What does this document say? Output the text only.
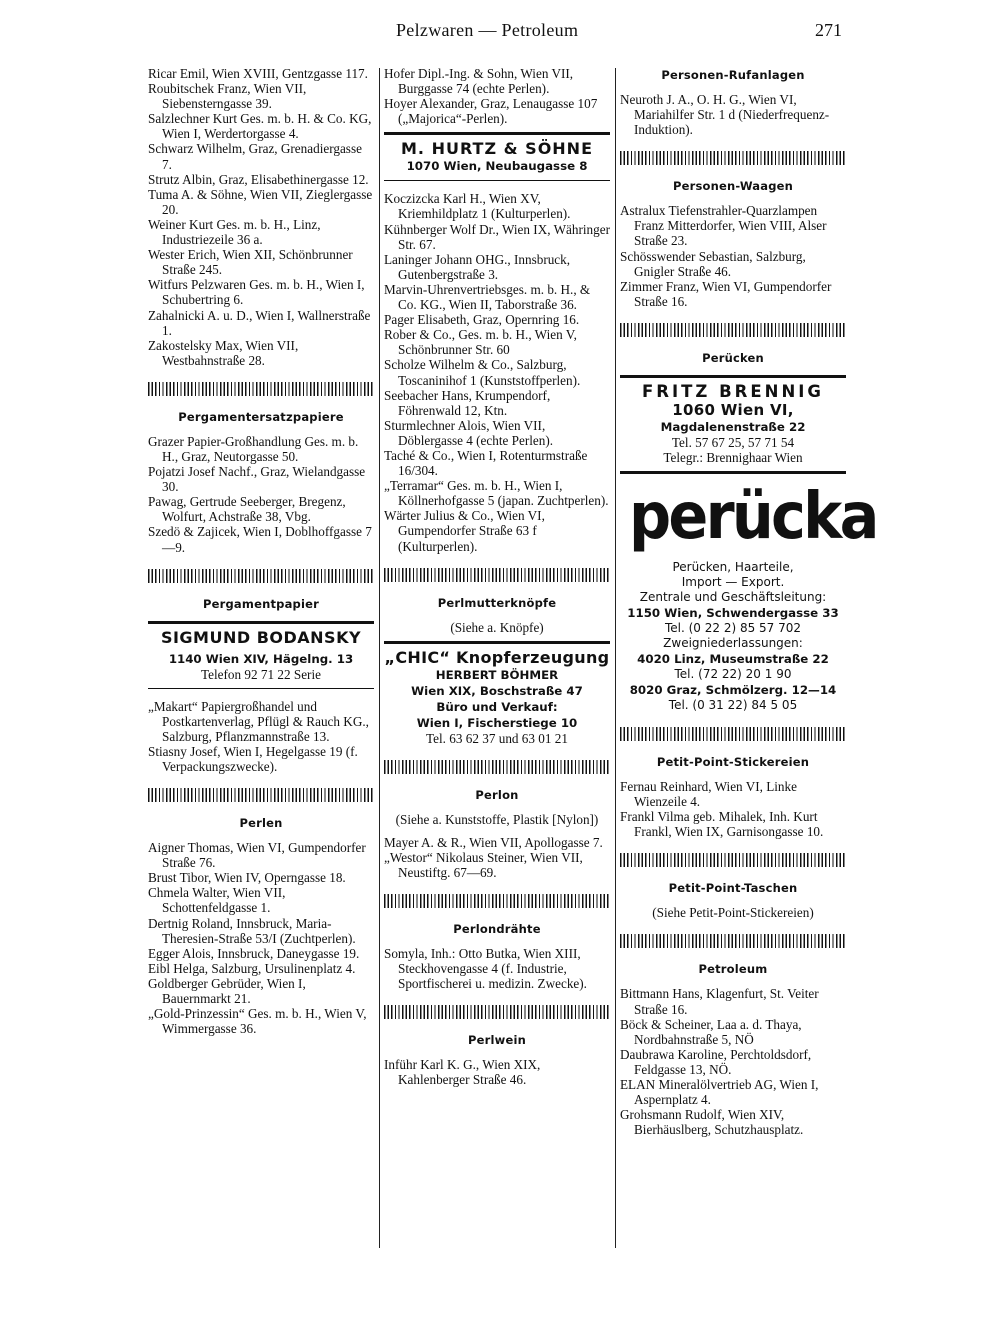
Pelzwaren — Petroleum	271

Ricar Emil, Wien XVIII, Gentzgasse 117.

Roubitschek Franz, Wien VII, Siebensterngasse 39.

Salzlechner Kurt Ges. m. b. H. & Co. KG, Wien I, Werdertorgasse 4.

Schwarz Wilhelm, Graz, Grenadiergasse 7.

Strutz Albin, Graz, Elisabethinergasse 12.

Tuma A. & Söhne, Wien VII, Zieglergasse 20.

Weiner Kurt Ges. m. b. H., Linz, Industriezeile 36 a.

Wester Erich, Wien XII, Schönbrunner Straße 245.

Witfurs Pelzwaren Ges. m. b. H., Wien I, Schubertring 6.

Zahalnicki A. u. D., Wien I, Wallnerstraße 1.

Zakostelsky Max, Wien VII, Westbahnstraße 28.

Pergamentersatzpapiere

Grazer Papier-Großhandlung Ges. m. b. H., Graz, Neutorgasse 50.

Pojatzi Josef Nachf., Graz, Wielandgasse 30.

Pawag, Gertrude Seeberger, Bregenz, Wolfurt, Achstraße 38, Vbg.

Szedö & Zajicek, Wien I, Doblhoffgasse 7—9.

Pergamentpapier

SIGMUND BODANSKY

1140 Wien XIV, Hägelng. 13

Telefon 92 71 22 Serie

„Makart“ Papiergroßhandel und Postkartenverlag, Pflügl & Rauch KG., Salzburg, Pflanzmannstraße 13.

Stiasny Josef, Wien I, Hegelgasse 19 (f. Verpackungszwecke).

Perlen

Aigner Thomas, Wien VI, Gumpendorfer Straße 76.

Brust Tibor, Wien IV, Operngasse 18.

Chmela Walter, Wien VII, Schottenfeldgasse 1.

Dertnig Roland, Innsbruck, Maria-Theresien-Straße 53/I (Zuchtperlen).

Egger Alois, Innsbruck, Daneygasse 19.

Eibl Helga, Salzburg, Ursulinenplatz 4.

Goldberger Gebrüder, Wien I, Bauernmarkt 21.

„Gold-Prinzessin“ Ges. m. b. H., Wien V, Wimmergasse 36.

Hofer Dipl.-Ing. & Sohn, Wien VII, Burggasse 74 (echte Perlen).

Hoyer Alexander, Graz, Lenaugasse 107 („Majorica“-Perlen).

M. HURTZ & SÖHNE

1070 Wien, Neubaugasse 8

Koczizcka Karl H., Wien XV, Kriemhildplatz 1 (Kulturperlen).

Kühnberger Wolf Dr., Wien IX, Währinger Str. 67.

Laninger Johann OHG., Innsbruck, Gutenbergstraße 3.

Marvin-Uhrenvertriebsges. m. b. H., & Co. KG., Wien II, Taborstraße 36.

Pager Elisabeth, Graz, Opernring 16.

Rober & Co., Ges. m. b. H., Wien V, Schönbrunner Str. 60

Scholze Wilhelm & Co., Salzburg, Toscaninihof 1 (Kunststoffperlen).

Seebacher Hans, Krumpendorf, Föhrenwald 12, Ktn.

Sturmlechner Alois, Wien VII, Döblergasse 4 (echte Perlen).

Taché & Co., Wien I, Rotenturmstraße 16/304.

„Terramar“ Ges. m. b. H., Wien I, Köllnerhofgasse 5 (japan. Zuchtperlen).

Wärter Julius & Co., Wien VI, Gumpendorfer Straße 63 f (Kulturperlen).

Perlmutterknöpfe

(Siehe a. Knöpfe)

„CHIC“ Knopferzeugung

HERBERT BÖHMER

Wien XIX, Boschstraße 47

Büro und Verkauf:

Wien I, Fischerstiege 10

Tel. 63 62 37 und 63 01 21

Perlon

(Siehe a. Kunststoffe, Plastik [Nylon])

Mayer A. & R., Wien VII, Apollogasse 7.

„Westor“ Nikolaus Steiner, Wien VII, Neustiftg. 67—69.

Perlondrähte

Somyla, Inh.: Otto Butka, Wien XIII, Steckhovengasse 4 (f. Industrie, Sportfischerei u. medizin. Zwecke).

Perlwein

Inführ Karl K. G., Wien XIX, Kahlenberger Straße 46.

Personen-Rufanlagen

Neuroth J. A., O. H. G., Wien VI, Mariahilfer Str. 1 d (Niederfrequenz-Induktion).

Personen-Waagen

Astralux Tiefenstrahler-Quarzlampen Franz Mitterdorfer, Wien VIII, Alser Straße 23.

Schösswender Sebastian, Salzburg, Gnigler Straße 46.

Zimmer Franz, Wien VI, Gumpendorfer Straße 16.

Perücken

FRITZ BRENNIG

1060 Wien VI,

Magdalenenstraße 22

Tel. 57 67 25, 57 71 54

Telegr.: Brennighaar Wien

perücka

Perücken, Haarteile,

Import — Export.

Zentrale und Geschäftsleitung:

1150 Wien, Schwendergasse 33

Tel. (0 22 2) 85 57 702

Zweigniederlassungen:

4020 Linz, Museumstraße 22

Tel. (72 22) 20 1 90

8020 Graz, Schmölzerg. 12—14

Tel. (0 31 22) 84 5 05

Petit-Point-Stickereien

Fernau Reinhard, Wien VI, Linke Wienzeile 4.

Frankl Vilma geb. Mihalek, Inh. Kurt Frankl, Wien IX, Garnisongasse 10.

Petit-Point-Taschen

(Siehe Petit-Point-Stickereien)

Petroleum

Bittmann Hans, Klagenfurt, St. Veiter Straße 16.

Böck & Scheiner, Laa a. d. Thaya, Nordbahnstraße 5, NÖ

Daubrawa Karoline, Perchtoldsdorf, Feldgasse 13, NÖ.

ELAN Mineralölvertrieb AG, Wien I, Aspernplatz 4.

Grohsmann Rudolf, Wien XIV, Bierhäuslberg, Schutzhausplatz.
